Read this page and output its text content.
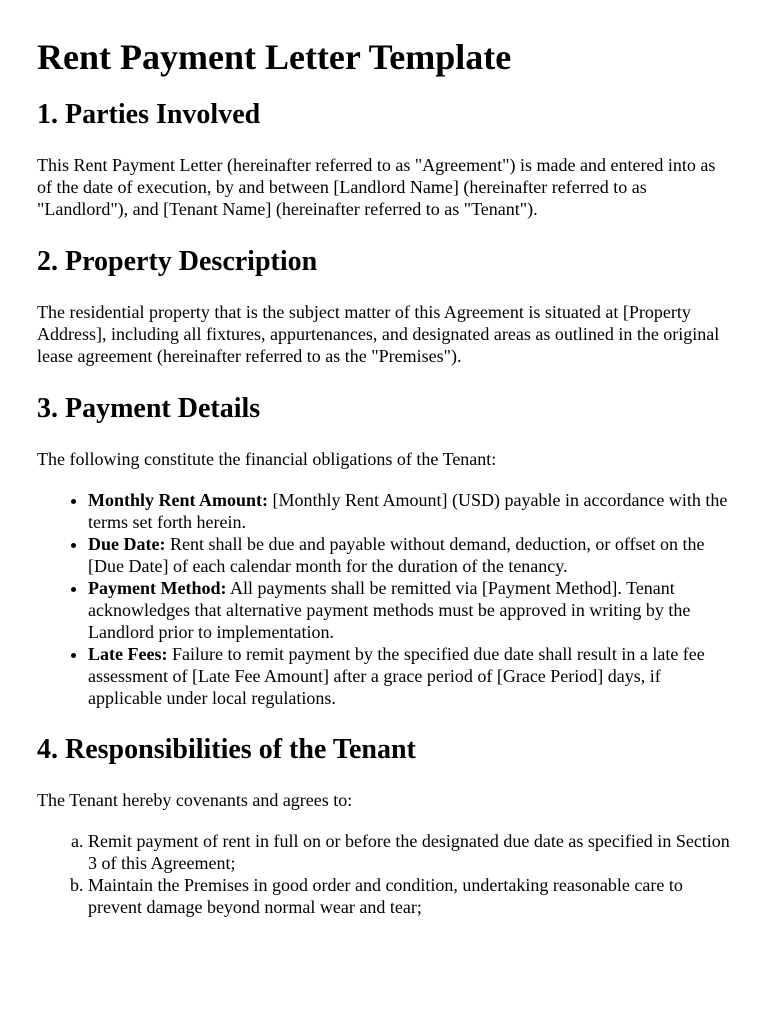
Rent Payment Letter Template
1. Parties Involved

This Rent Payment Letter (hereinafter referred to as "Agreement") is made and entered into as of the date of execution, by and between [Landlord Name] (hereinafter referred to as "Landlord"), and [Tenant Name] (hereinafter referred to as "Tenant").

2. Property Description

The residential property that is the subject matter of this Agreement is situated at [Property Address], including all fixtures, appurtenances, and designated areas as outlined in the original lease agreement (hereinafter referred to as the "Premises").

3. Payment Details

The following constitute the financial obligations of the Tenant:

• Monthly Rent Amount: [Monthly Rent Amount] (USD) payable in accordance with the terms set forth herein.
• Due Date: Rent shall be due and payable without demand, deduction, or offset on the [Due Date] of each calendar month for the duration of the tenancy.
• Payment Method: All payments shall be remitted via [Payment Method]. Tenant acknowledges that alternative payment methods must be approved in writing by the Landlord prior to implementation.
• Late Fees: Failure to remit payment by the specified due date shall result in a late fee assessment of [Late Fee Amount] after a grace period of [Grace Period] days, if applicable under local regulations.
4. Responsibilities of the Tenant

The Tenant hereby covenants and agrees to:

a. Remit payment of rent in full on or before the designated due date as specified in Section 3 of this Agreement;
b. Maintain the Premises in good order and condition, undertaking reasonable care to prevent damage beyond normal wear and tear;
